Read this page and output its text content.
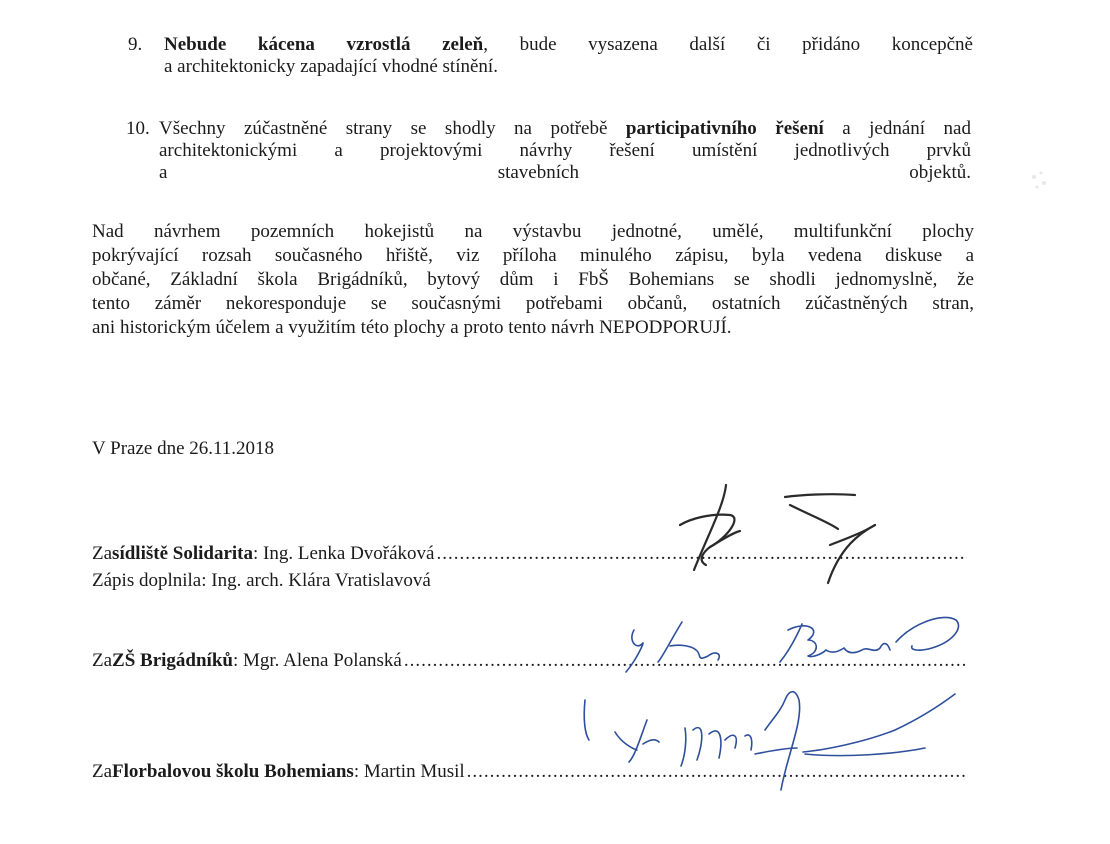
9.	Nebude kácena vzrostlá zeleň, bude vysazena další či přidáno koncepčně
a architektonicky zapadající vhodné stínění.
10. Všechny zúčastněné strany se shodly na potřebě participativního řešení a jednání nad
architektonickými a projektovými návrhy řešení umístění jednotlivých prvků
a	stavebních	objektů.
Nad návrhem pozemních hokejistů na výstavbu jednotné, umělé, multifunkční plochy
pokrývající rozsah současného hřiště, viz příloha minulého zápisu, byla vedena diskuse a
občané, Základní škola Brigádníků, bytový dům i FbŠ Bohemians se shodli jednomyslně, že
tento záměr nekoresponduje se současnými potřebami občanů, ostatních zúčastněných stran,
ani historickým účelem a využitím této plochy a proto tento návrh NEPODPORUJÍ.
V Praze dne 26.11.2018
Za sídliště Solidarita : Ing. Lenka Dvořáková
.....
Zápis doplnila: Ing. arch. Klára Vratislavová
Za ZŠ Brigádníků : Mgr. Alena Polanská
.....
Za Florbalovou školu Bohemians : Martin Musil
.....
